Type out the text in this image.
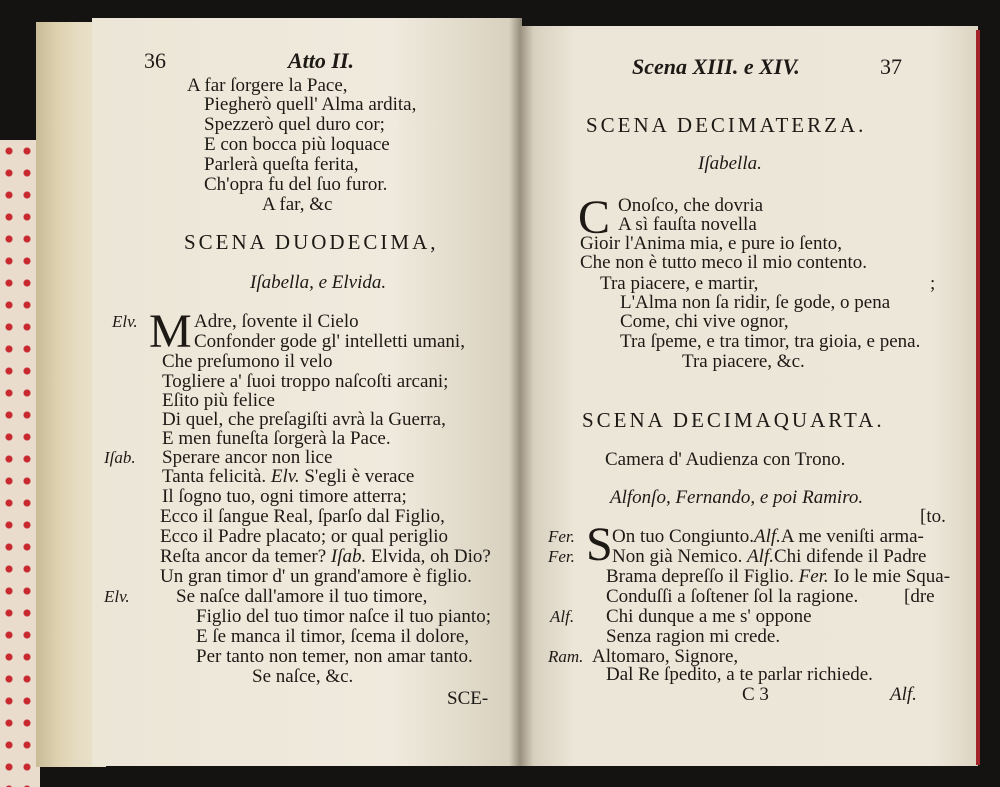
36	Atto II.
A far ſorgere la Pace,
Piegherò quell' Alma ardita,
Spezzerò quel duro cor;
E con bocca più loquace
Parlerà queſta ferita,
Ch'opra fu del ſuo furor.
A far, &c
SCENA DUODECIMA,
Iſabella, e Elvida.
Elv. M Adre, ſovente il Cielo
Confonder gode gl' intelletti umani,
Che preſumono il velo
Togliere a' ſuoi troppo naſcoſti arcani;
Eſito più felice
Di quel, che preſagiſti avrà la Guerra,
E men funeſta ſorgerà la Pace.
Iſab. Sperare ancor non lice
Tanta felicità. Elv. S'egli è verace
Il ſogno tuo, ogni timore atterra;
Ecco il ſangue Real, ſparſo dal Figlio,
Ecco il Padre placato; or qual periglio
Reſta ancor da temer? Iſab. Elvida, oh Dio?
Un gran timor d' un grand'amore è figlio.
Elv. Se naſce dall'amore il tuo timore,
Figlio del tuo timor naſce il tuo pianto;
E ſe manca il timor, ſcema il dolore,
Per tanto non temer, non amar tanto.
Se naſce, &c.
SCE-
Scena XIII. e XIV.	37
SCENA DECIMATERZA.
Iſabella.
C Onoſco, che dovria
A sì fauſta novella
Gioir l'Anima mia, e pure io ſento,
Che non è tutto meco il mio contento.
Tra piacere, e martir,	;
L'Alma non ſa ridir, ſe gode, o pena
Come, chi vive ognor,
Tra ſpeme, e tra timor, tra gioia, e pena.
Tra piacere, &c.
SCENA DECIMAQUARTA.
Camera d' Audienza con Trono.
Alfonſo, Fernando, e poi Ramiro.
[to.
Fer.
Fer. S On tuo Congiunto.Alf.A me veniſti arma-
Non già Nemico. Alf.Chi difende il Padre
Brama depreſſo il Figlio. Fer. Io le mie Squa-
Conduſſi a ſoſtener ſol la ragione. [dre
Alf. Chi dunque a me s' oppone
Senza ragion mi crede.
Ram. Altomaro, Signore,
Dal Re ſpedito, a te parlar richiede.
C 3	Alf.
